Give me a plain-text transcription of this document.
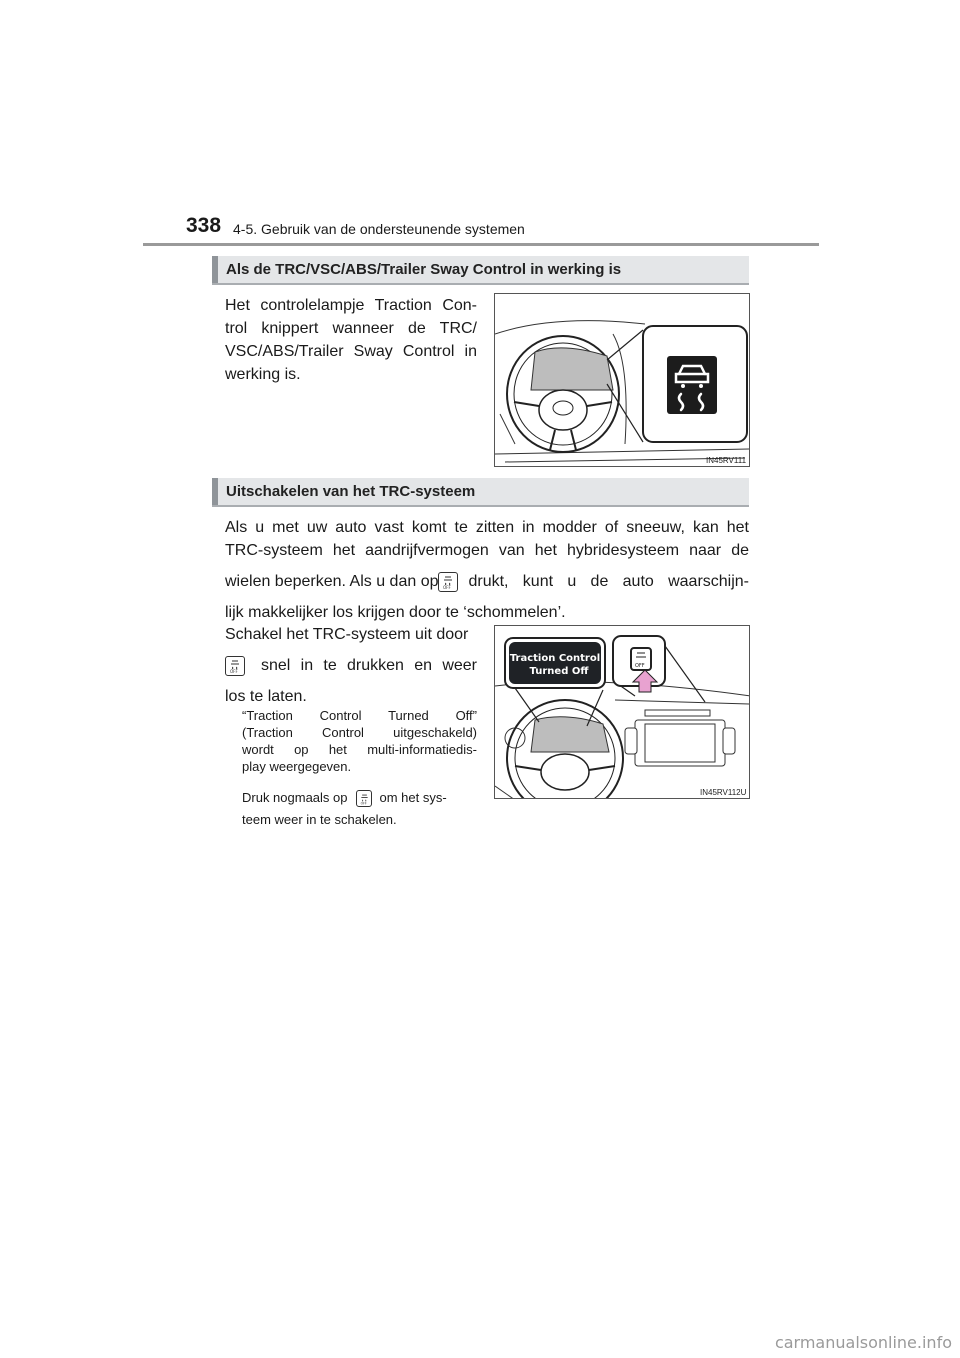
338 4-5. Gebruik van de ondersteunende systemen
Als de TRC/VSC/ABS/Trailer Sway Control in werking is
Het controlelampje Traction Con-
trol knippert wanneer de TRC/
VSC/ABS/Trailer Sway Control in
werking is.
IN45RV111
Uitschakelen van het TRC-systeem
Als u met uw auto vast komt te zitten in modder of sneeuw, kan het
TRC-systeem het aandrijfvermogen van het hybridesysteem naar de
wielen beperken. Als u dan op OFF	drukt, kunt u de auto waarschijn-
lijk makkelijker los krijgen door te ‘schommelen’.
Schakel het TRC-systeem uit door
OFF snel in te drukken en weer
los te laten.
“Traction Control Turned Off”
(Traction Control uitgeschakeld)
wordt op het multi-informatiedis-
play weergegeven.
Druk nogmaals op	OFF om het sys-
teem weer in te schakelen.
Traction Control
Turned Off	OFF
IN45RV112U
carmanualsonline.info
